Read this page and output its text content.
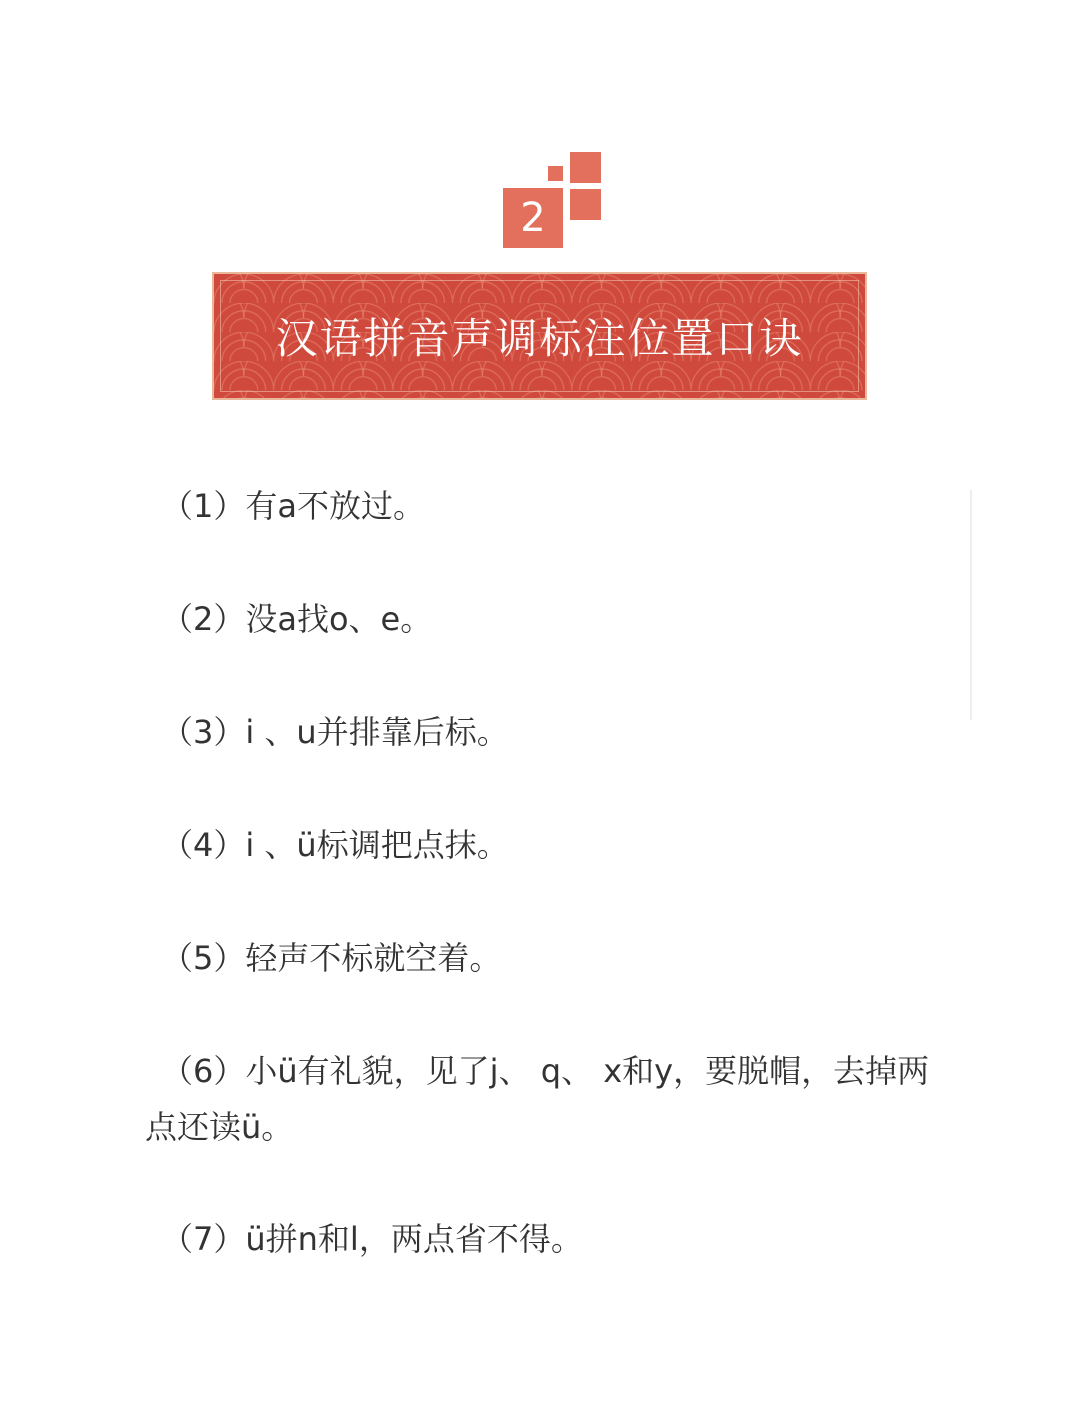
2
汉语拼音声调标注位置口诀
（1）有a不放过。
（2）没a找o、e。
（3）i 、u并排靠后标。
（4）i 、ü标调把点抹。
（5）轻声不标就空着。
（6）小ü有礼貌，见了j、 q、 x和y，要脱帽，去掉两点还读ü。
（7）ü拼n和l，两点省不得。
